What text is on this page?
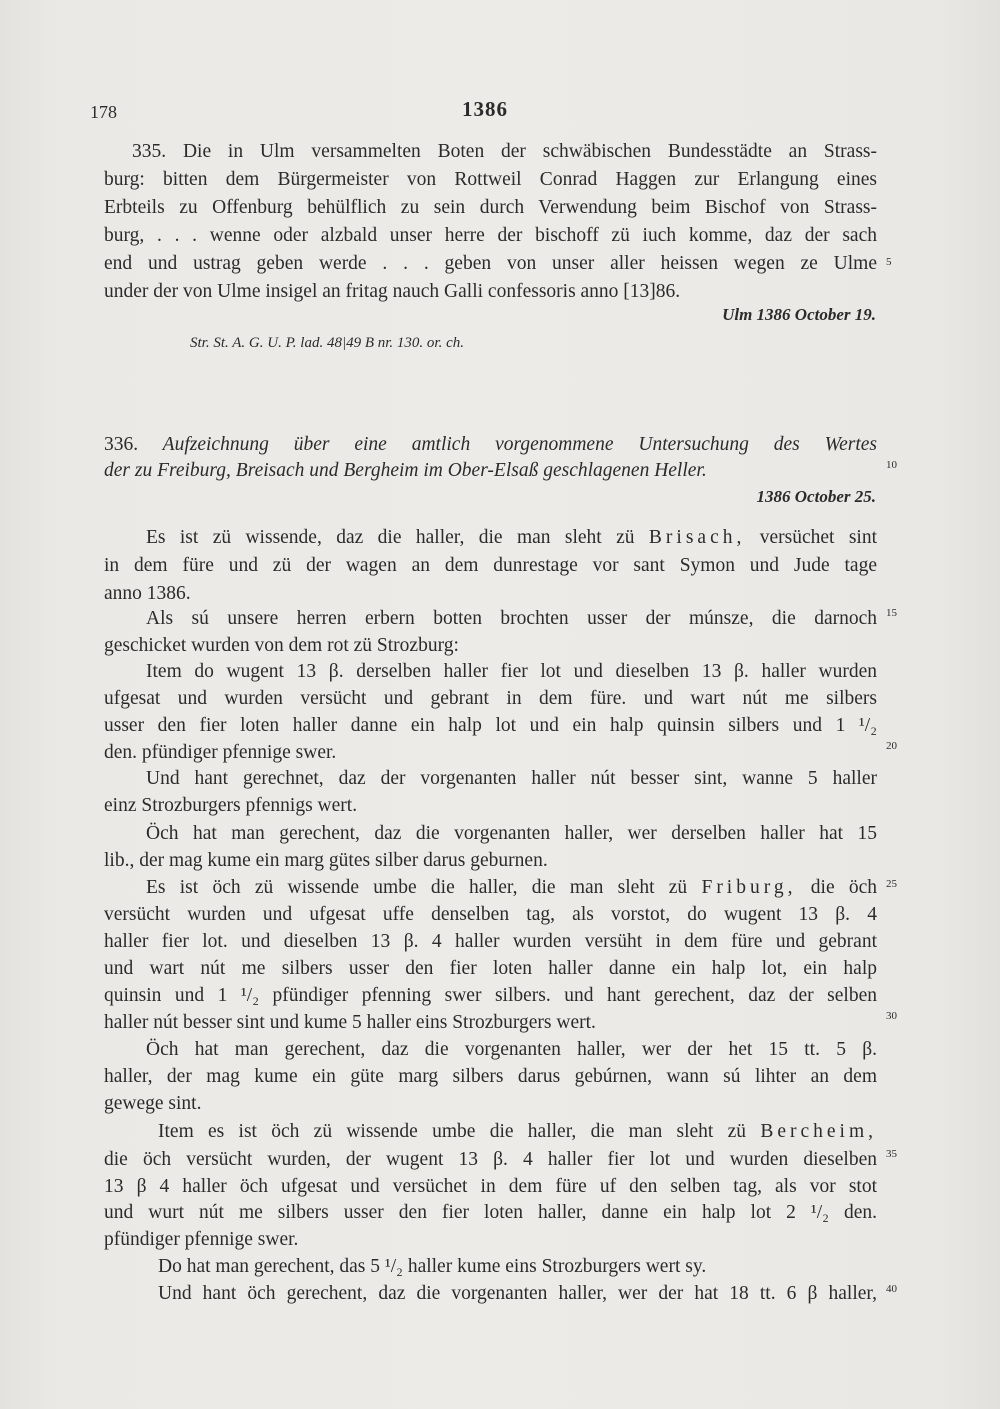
178	1386
335. Die in Ulm versammelten Boten der schwäbischen Bundesstädte an Strass-
burg: bitten dem Bürgermeister von Rottweil Conrad Haggen zur Erlangung eines
Erbteils zu Offenburg behülflich zu sein durch Verwendung beim Bischof von Strass-
burg, . . . wenne oder alzbald unser herre der bischoff zü iuch komme, daz der sach
end und ustrag geben werde . . . geben von unser aller heissen wegen ze Ulme
under der von Ulme insigel an fritag nauch Galli confessoris anno [13]86.
Ulm 1386 October 19.
Str. St. A. G. U. P. lad. 48|49 B nr. 130. or. ch.
336. Aufzeichnung über eine amtlich vorgenommene Untersuchung des Wertes
der zu Freiburg, Breisach und Bergheim im Ober-Elsaß geschlagenen Heller.
1386 October 25.
Es ist zü wissende, daz die haller, die man sleht zü Brisach, versüchet sint
in dem füre und zü der wagen an dem dunrestage vor sant Symon und Jude tage
anno 1386.
Als sú unsere herren erbern botten brochten usser der múnsze, die darnoch
geschicket wurden von dem rot zü Strozburg:
Item do wugent 13 β. derselben haller fier lot und dieselben 13 β. haller wurden
ufgesat und wurden versücht und gebrant in dem füre. und wart nút me silbers
usser den fier loten haller danne ein halp lot und ein halp quinsin silbers und 1 ¹/₂
den. pfündiger pfennige swer.
Und hant gerechnet, daz der vorgenanten haller nút besser sint, wanne 5 haller
einz Strozburgers pfennigs wert.
Öch hat man gerechent, daz die vorgenanten haller, wer derselben haller hat 15
lib., der mag kume ein marg gütes silber darus geburnen.
Es ist öch zü wissende umbe die haller, die man sleht zü Friburg, die öch
versücht wurden und ufgesat uffe denselben tag, als vorstot, do wugent 13 β. 4
haller fier lot. und dieselben 13 β. 4 haller wurden versüht in dem füre und gebrant
und wart nút me silbers usser den fier loten haller danne ein halp lot, ein halp
quinsin und 1 ¹/₂ pfündiger pfenning swer silbers. und hant gerechent, daz der selben
haller nút besser sint und kume 5 haller eins Strozburgers wert.
Öch hat man gerechent, daz die vorgenanten haller, wer der het 15 tt. 5 β.
haller, der mag kume ein güte marg silbers darus gebúrnen, wann sú lihter an dem
gewege sint.
Item es ist öch zü wissende umbe die haller, die man sleht zü Bercheim,
die öch versücht wurden, der wugent 13 β. 4 haller fier lot und wurden dieselben
13 β 4 haller öch ufgesat und versüchet in dem füre uf den selben tag, als vor stot
und wurt nút me silbers usser den fier loten haller, danne ein halp lot 2 ¹/₂ den.
pfündiger pfennige swer.
Do hat man gerechent, das 5 ¹/₂ haller kume eins Strozburgers wert sy.
Und hant öch gerechent, daz die vorgenanten haller, wer der hat 18 tt. 6 β haller,
5
10
15
20
25
30
35
40
